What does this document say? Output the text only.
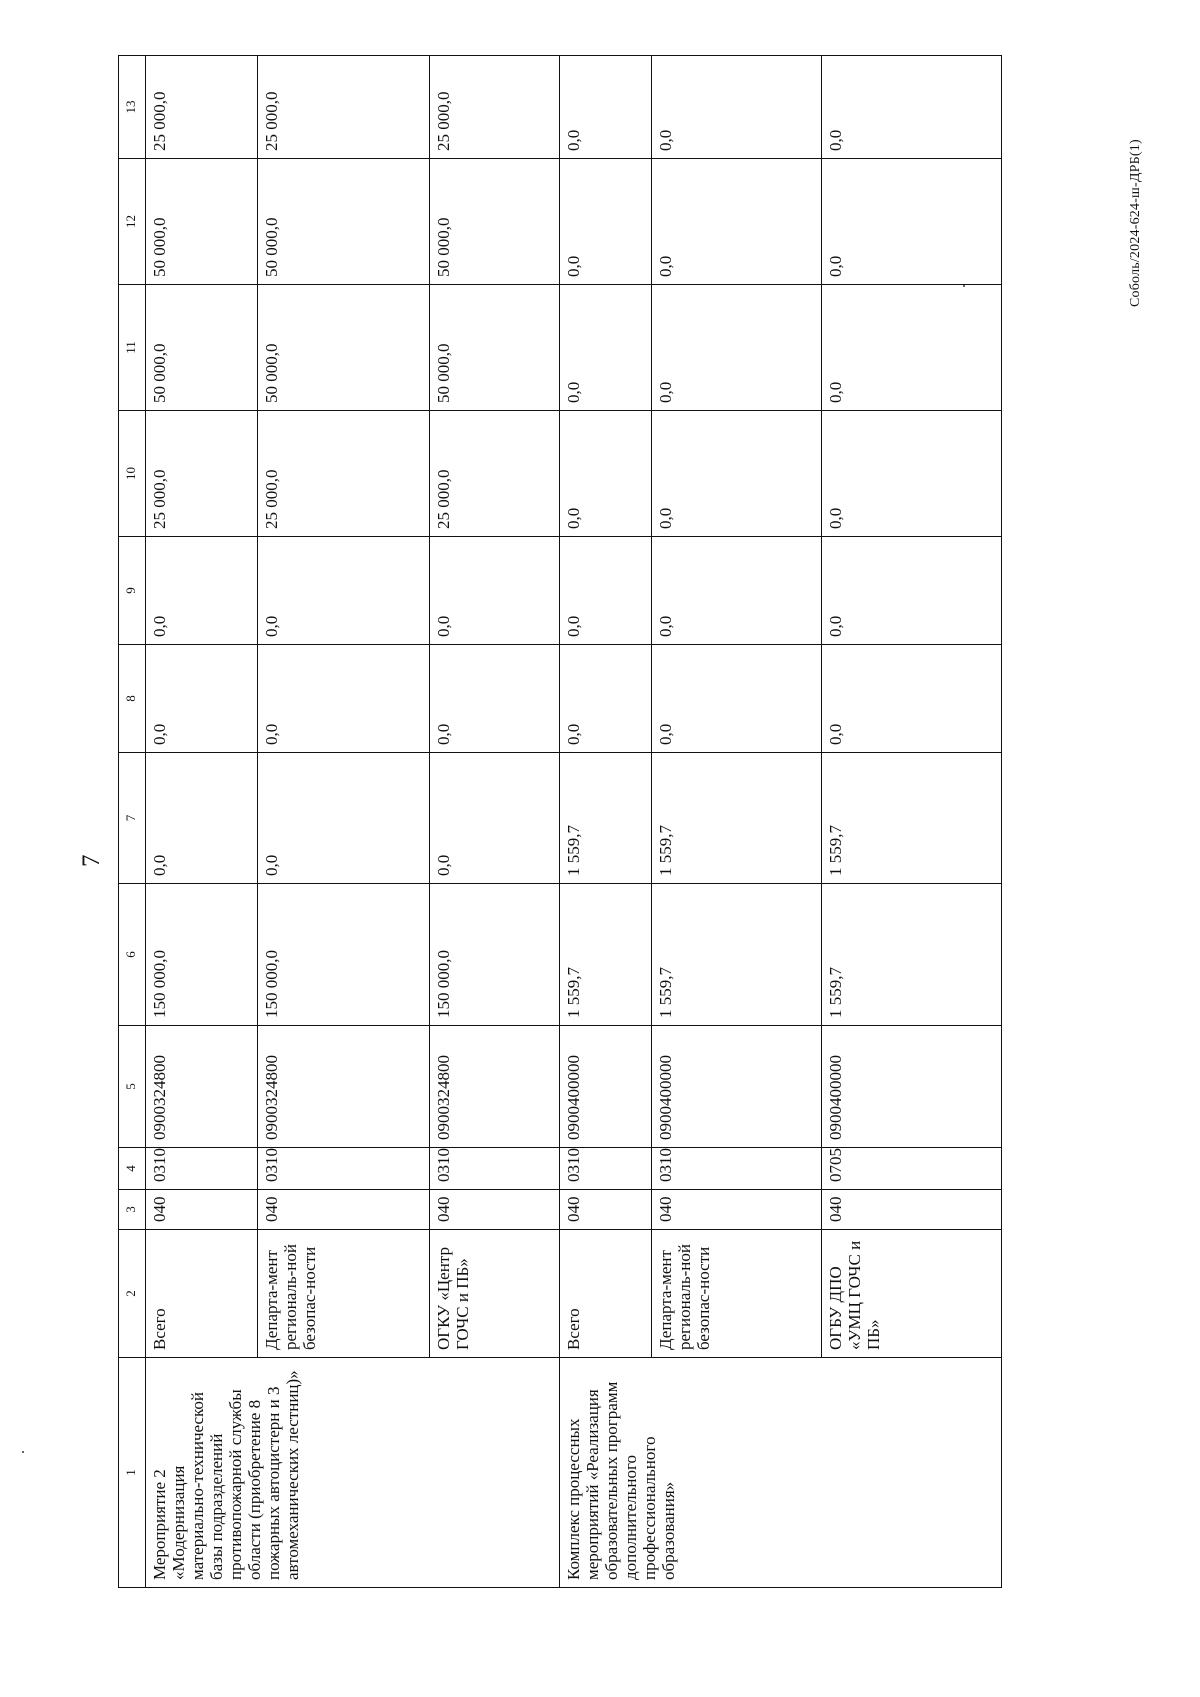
7
1	2	3	4	5	6	7	8	9	10	11	12	13
Мероприятие 2 «Модернизация материально-технической базы подразделений противопожарной службы области (приобретение 8 пожарных автоцистерн и 3 автомеханических лестниц)»	Всего	040	0310	0900324800	150 000,0	0,0	0,0	0,0	25 000,0	50 000,0	50 000,0	25 000,0
	Департа-мент региональ-ной безопас-ности	040	0310	0900324800	150 000,0	0,0	0,0	0,0	25 000,0	50 000,0	50 000,0	25 000,0
	ОГКУ «Центр ГОЧС и ПБ»	040	0310	0900324800	150 000,0	0,0	0,0	0,0	25 000,0	50 000,0	50 000,0	25 000,0
Комплекс процессных мероприятий «Реализация образовательных программ дополнительного профессионального образования»	Всего	040	0310	0900400000	1 559,7	1 559,7	0,0	0,0	0,0	0,0	0,0	0,0
	Департа-мент региональ-ной безопас-ности	040	0310	0900400000	1 559,7	1 559,7	0,0	0,0	0,0	0,0	0,0	0,0
	ОГБУ ДПО «УМЦ ГОЧС и ПБ»	040	0705	0900400000	1 559,7	1 559,7	0,0	0,0	0,0	0,0	0,0	0,0	Соболь/2024-624-ш-ДРБ(1)
